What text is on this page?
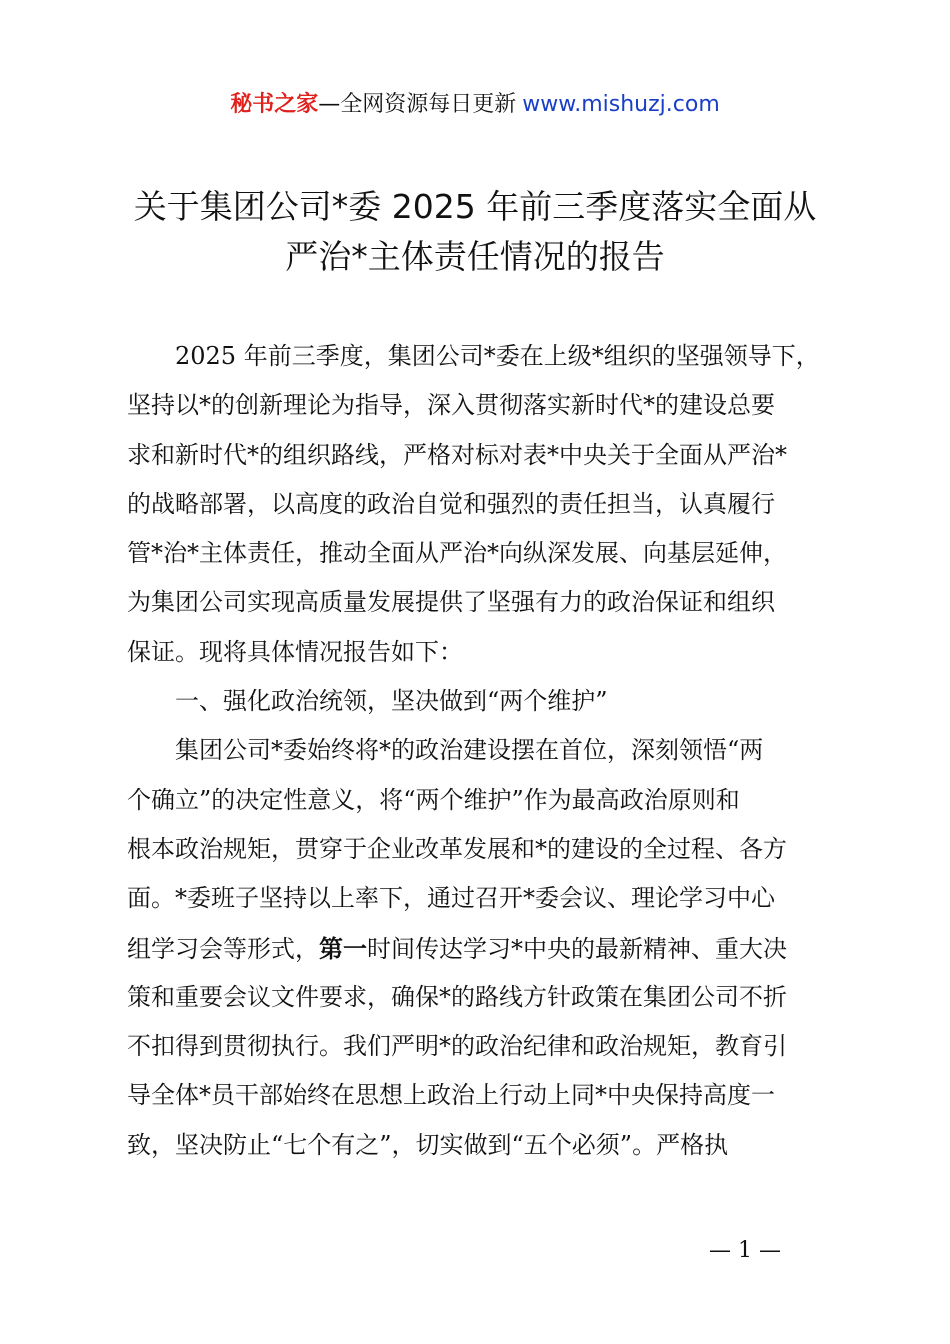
秘书之家—全网资源每日更新 www.mishuzj.com
关于集团公司*委 2025 年前三季度落实全面从
严治*主体责任情况的报告
2025 年前三季度，集团公司*委在上级*组织的坚强领导下，
坚持以*的创新理论为指导，深入贯彻落实新时代*的建设总要
求和新时代*的组织路线，严格对标对表*中央关于全面从严治*
的战略部署，以高度的政治自觉和强烈的责任担当，认真履行
管*治*主体责任，推动全面从严治*向纵深发展、向基层延伸，
为集团公司实现高质量发展提供了坚强有力的政治保证和组织
保证。现将具体情况报告如下：
一、强化政治统领，坚决做到“两个维护”
集团公司*委始终将*的政治建设摆在首位，深刻领悟“两
个确立”的决定性意义，将“两个维护”作为最高政治原则和
根本政治规矩，贯穿于企业改革发展和*的建设的全过程、各方
面。*委班子坚持以上率下，通过召开*委会议、理论学习中心
组学习会等形式，第一时间传达学习*中央的最新精神、重大决
策和重要会议文件要求，确保*的路线方针政策在集团公司不折
不扣得到贯彻执行。我们严明*的政治纪律和政治规矩，教育引
导全体*员干部始终在思想上政治上行动上同*中央保持高度一
致，坚决防止“七个有之”，切实做到“五个必须”。严格执
— 1 —
